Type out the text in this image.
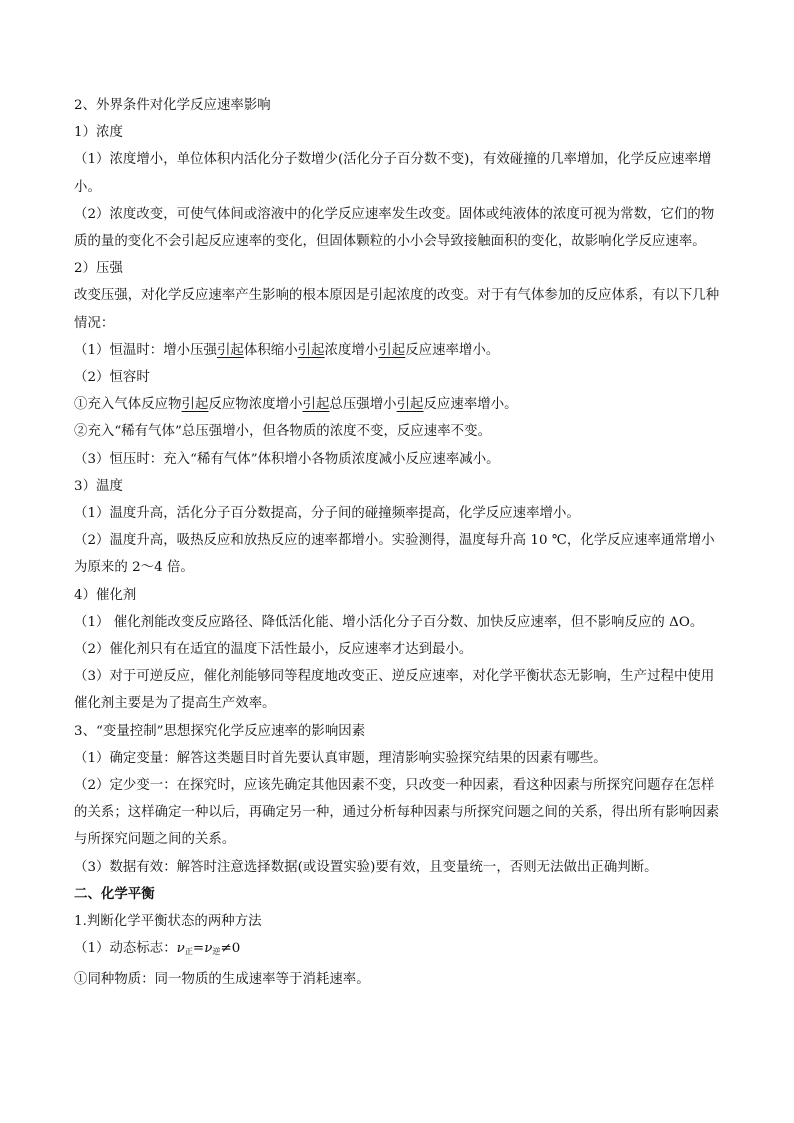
2、外界条件对化学反应速率影响
1）浓度
（1）浓度增小，单位体积内活化分子数增少(活化分子百分数不变)，有效碰撞的几率增加，化学反应速率增小。
（2）浓度改变，可使气体间或溶液中的化学反应速率发生改变。固体或纯液体的浓度可视为常数，它们的物质的量的变化不会引起反应速率的变化，但固体颗粒的小小会导致接触面积的变化，故影响化学反应速率。
2）压强
改变压强，对化学反应速率产生影响的根本原因是引起浓度的改变。对于有气体参加的反应体系，有以下几种情况：
（1）恒温时：增小压强引起体积缩小引起浓度增小引起反应速率增小。
（2）恒容时
①充入气体反应物引起反应物浓度增小引起总压强增小引起反应速率增小。
②充入“稀有气体”总压强增小，但各物质的浓度不变，反应速率不变。
（3）恒压时：充入“稀有气体”体积增小各物质浓度减小反应速率减小。
3）温度
（1）温度升高，活化分子百分数提高，分子间的碰撞频率提高，化学反应速率增小。
（2）温度升高，吸热反应和放热反应的速率都增小。实验测得，温度每升高 10 ℃，化学反应速率通常增小为原来的 2～4 倍。
4）催化剂
（1） 催化剂能改变反应路径、降低活化能、增小活化分子百分数、加快反应速率，但不影响反应的 ΔO。
（2）催化剂只有在适宜的温度下活性最小，反应速率才达到最小。
（3）对于可逆反应，催化剂能够同等程度地改变正、逆反应速率，对化学平衡状态无影响，生产过程中使用催化剂主要是为了提高生产效率。
3、“变量控制”思想探究化学反应速率的影响因素
（1）确定变量：解答这类题目时首先要认真审题，理清影响实验探究结果的因素有哪些。
（2）定少变一：在探究时，应该先确定其他因素不变，只改变一种因素，看这种因素与所探究问题存在怎样的关系；这样确定一种以后，再确定另一种，通过分析每种因素与所探究问题之间的关系，得出所有影响因素与所探究问题之间的关系。
（3）数据有效：解答时注意选择数据(或设置实验)要有效，且变量统一，否则无法做出正确判断。
二、化学平衡
1.判断化学平衡状态的两种方法
（1）动态标志：$\nu_正=\nu_逆\ne 0$
①同种物质：同一物质的生成速率等于消耗速率。
